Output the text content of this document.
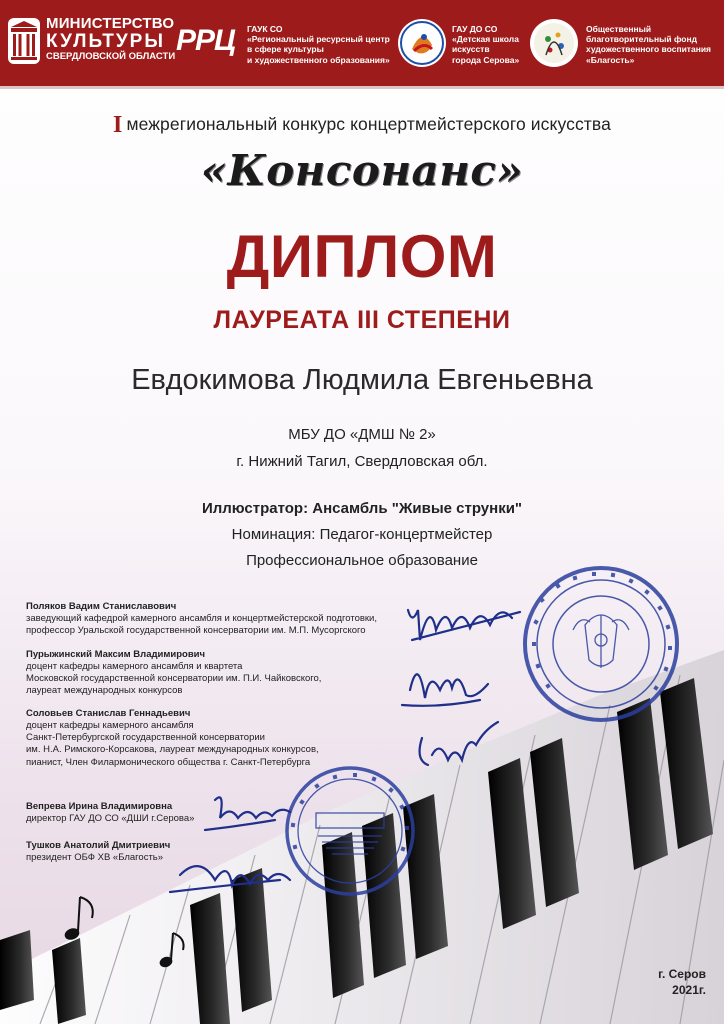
МИНИСТЕРСТВО
КУЛЬТУРЫ
СВЕРДЛОВСКОЙ ОБЛАСТИ РРЦ ГАУК СО
«Региональный ресурсный центр
в сфере культуры
и художественного образования»
ГАУ ДО СО
«Детская школа
искусств
города Серова»
Общественный
благотворительный фонд
художественного воспитания
«Благость»
I межрегиональный конкурс концертмейстерского искусства
«Консонанс»
ДИПЛОМ
ЛАУРЕАТА III СТЕПЕНИ
Евдокимова Людмила Евгеньевна
МБУ ДО «ДМШ № 2»
г. Нижний Тагил, Свердловская обл.
Иллюстратор: Ансамбль "Живые струнки"
Номинация: Педагог-концертмейстер
Профессиональное образование
Поляков Вадим Станиславович
заведующий кафедрой камерного ансамбля и концертмейстерской подготовки,
профессор Уральской государственной консерватории им. М.П. Мусоргского
Пурыжинский Максим Владимирович
доцент кафедры камерного ансамбля и квартета
Московской государственной консерватории им. П.И. Чайковского,
лауреат международных конкурсов
Соловьев Станислав Геннадьевич
доцент кафедры камерного ансамбля
Санкт-Петербургской государственной консерватории
им. Н.А. Римского-Корсакова, лауреат международных конкурсов,
пианист, Член Филармонического общества г. Санкт-Петербурга
Вепрева Ирина Владимировна
директор ГАУ ДО СО «ДШИ г.Серова»
Тушков Анатолий Дмитриевич
президент ОБФ ХВ «Благость»
г. Серов
2021г.
